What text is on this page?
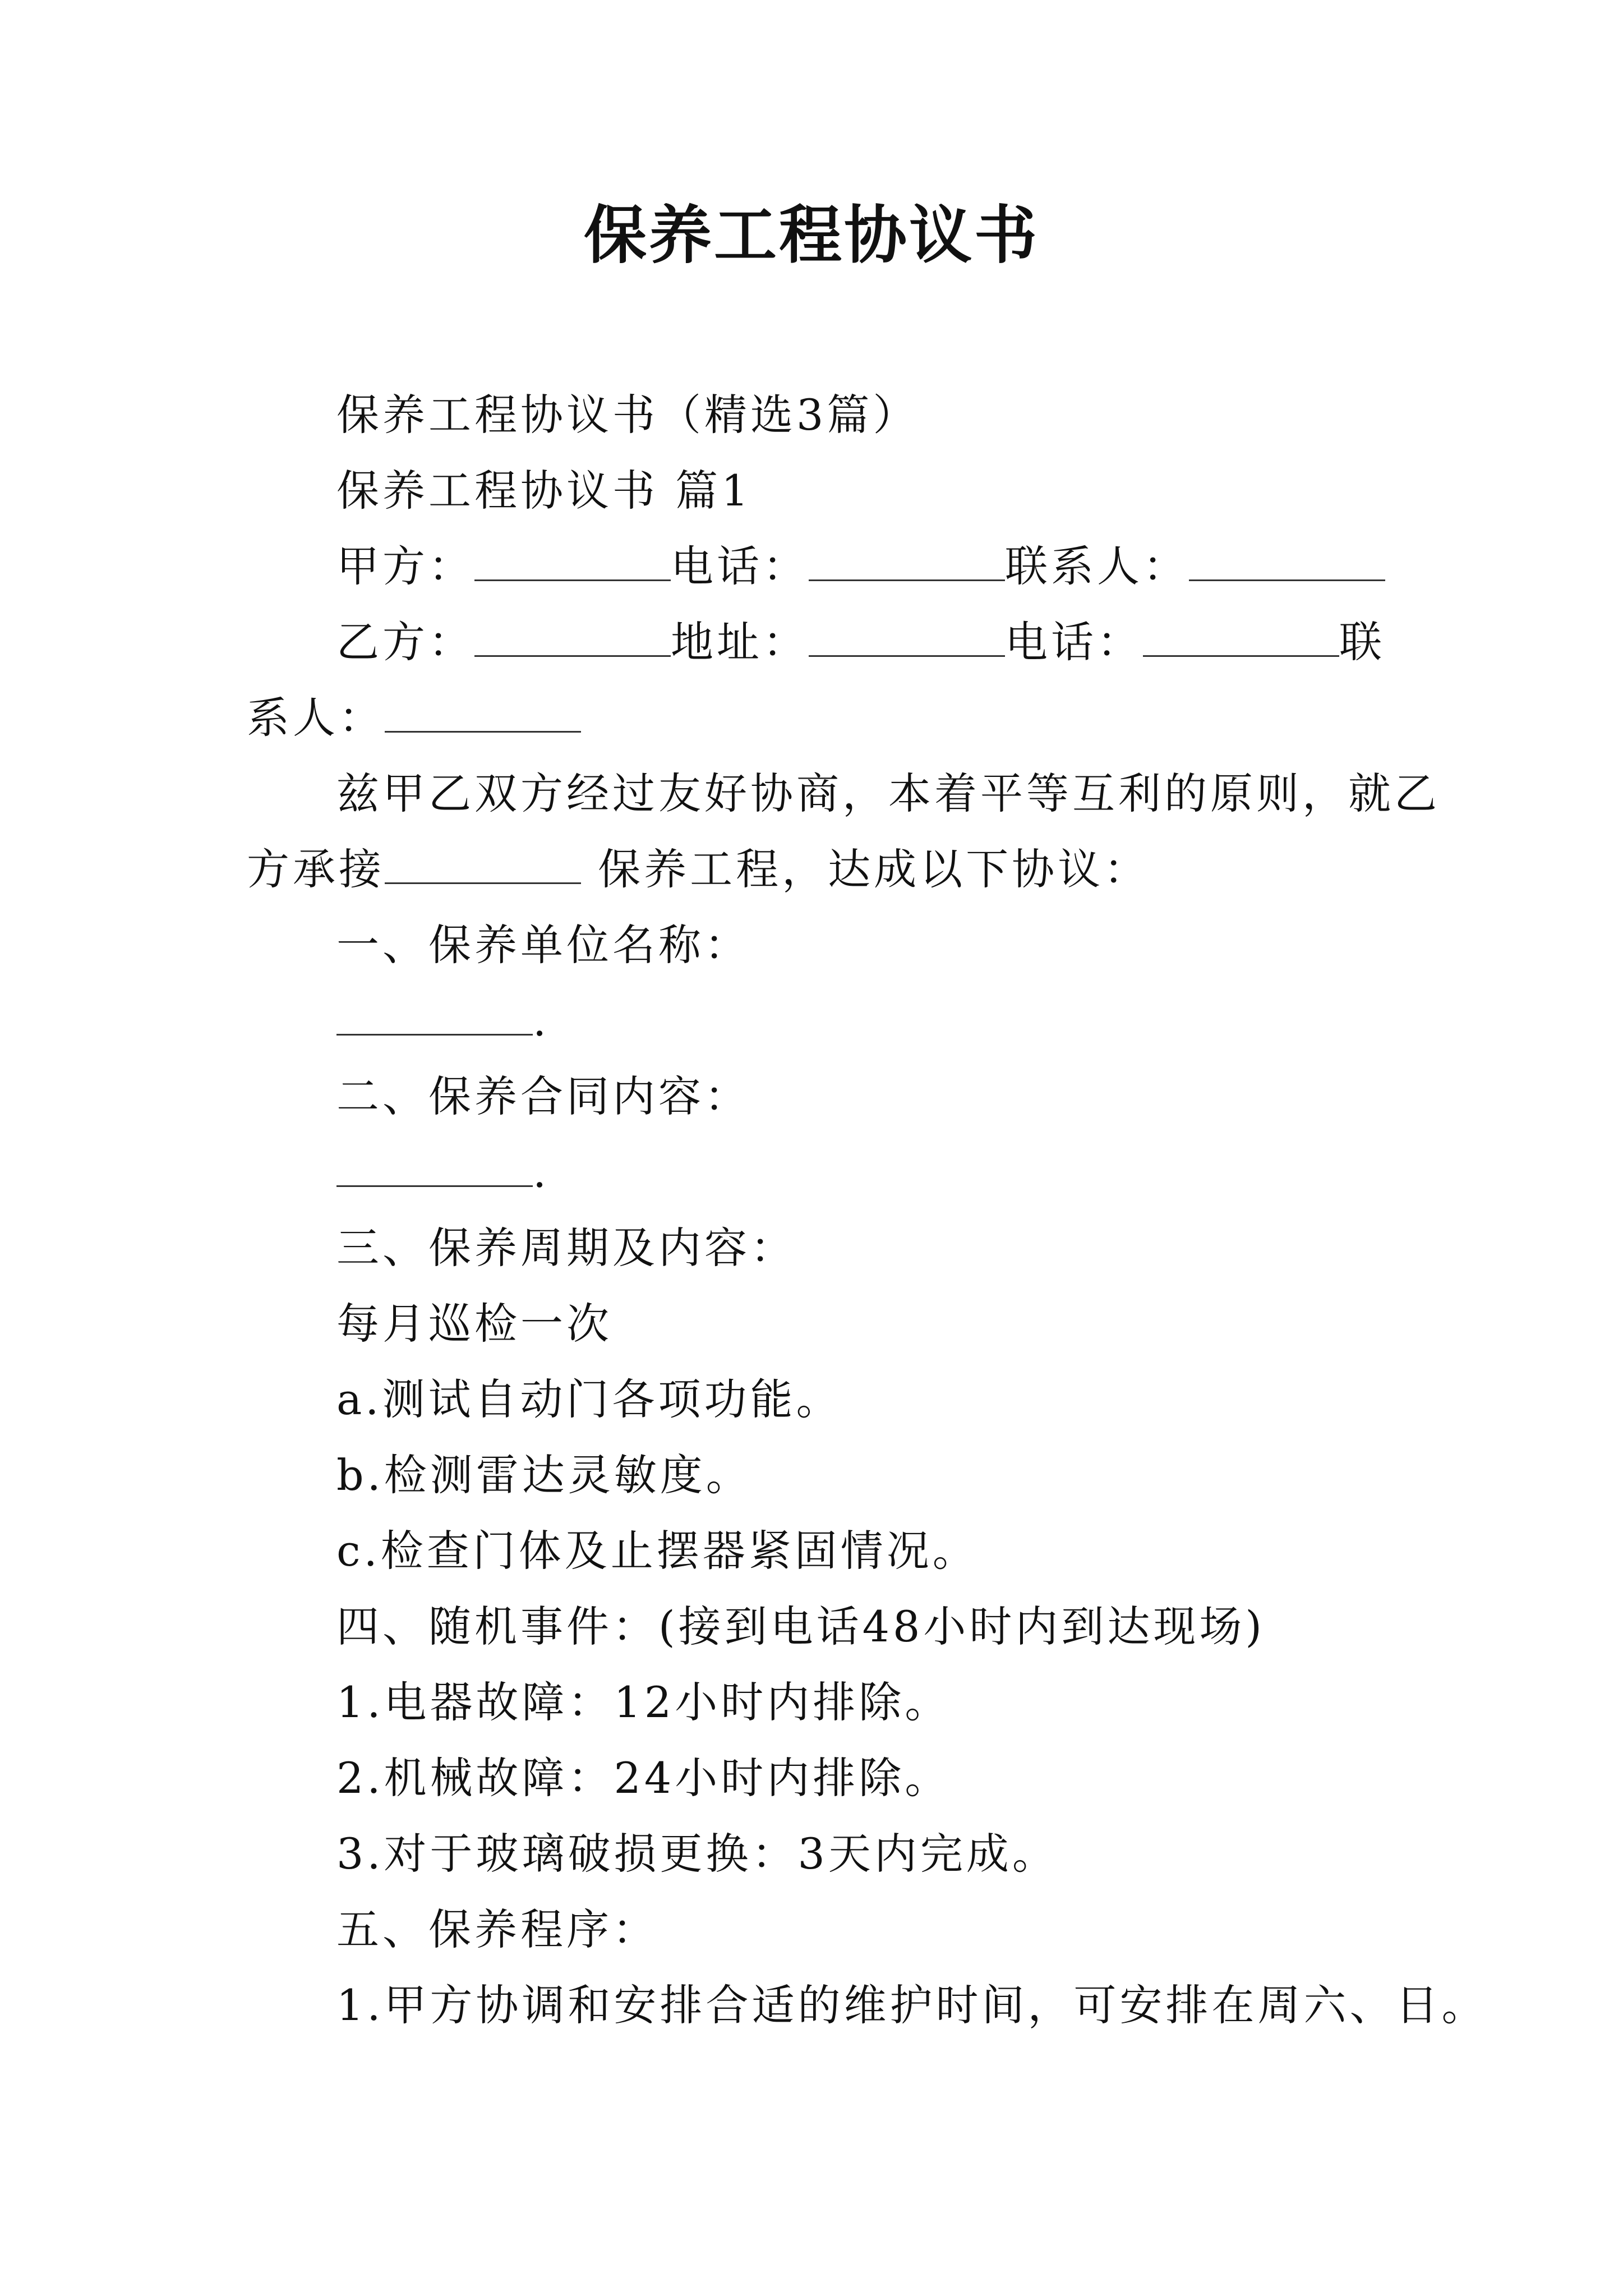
保养工程协议书
保养工程协议书（精选3篇）
保养工程协议书 篇1
甲方：	电话：	联系人：
乙方：	地址：	电话：	联
系人：
兹甲乙双方经过友好协商，本着平等互利的原则，就乙
方承接	保养工程，达成以下协议：
一、保养单位名称：
.
二、保养合同内容：
.
三、保养周期及内容：
每月巡检一次
a.测试自动门各项功能。
b.检测雷达灵敏度。
c.检查门体及止摆器紧固情况。
四、随机事件：(接到电话48小时内到达现场)
1.电器故障：12小时内排除。
2.机械故障：24小时内排除。
3.对于玻璃破损更换：3天内完成。
五、保养程序：
1.甲方协调和安排合适的维护时间，可安排在周六、日。
